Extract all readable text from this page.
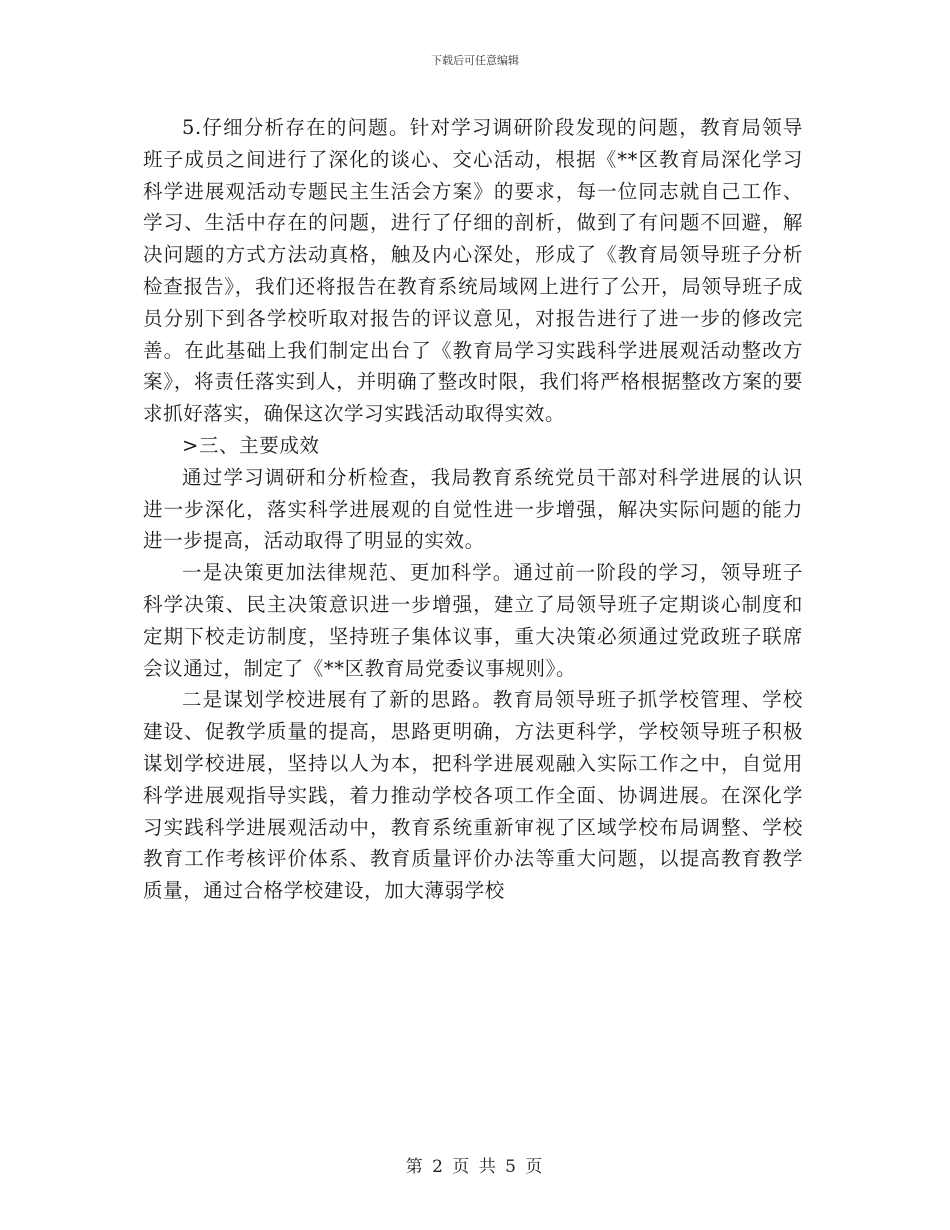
下载后可任意编辑

5.仔细分析存在的问题。针对学习调研阶段发现的问题，教育局领导班子成员之间进行了深化的谈心、交心活动，根据《**区教育局深化学习科学进展观活动专题民主生活会方案》的要求，每一位同志就自己工作、学习、生活中存在的问题，进行了仔细的剖析，做到了有问题不回避，解决问题的方式方法动真格，触及内心深处，形成了《教育局领导班子分析检查报告》，我们还将报告在教育系统局域网上进行了公开，局领导班子成员分别下到各学校听取对报告的评议意见，对报告进行了进一步的修改完善。在此基础上我们制定出台了《教育局学习实践科学进展观活动整改方案》，将责任落实到人，并明确了整改时限，我们将严格根据整改方案的要求抓好落实，确保这次学习实践活动取得实效。

>三、主要成效

通过学习调研和分析检查，我局教育系统党员干部对科学进展的认识进一步深化，落实科学进展观的自觉性进一步增强，解决实际问题的能力进一步提高，活动取得了明显的实效。

一是决策更加法律规范、更加科学。通过前一阶段的学习，领导班子科学决策、民主决策意识进一步增强，建立了局领导班子定期谈心制度和定期下校走访制度，坚持班子集体议事，重大决策必须通过党政班子联席会议通过，制定了《**区教育局党委议事规则》。

二是谋划学校进展有了新的思路。教育局领导班子抓学校管理、学校建设、促教学质量的提高，思路更明确，方法更科学，学校领导班子积极谋划学校进展，坚持以人为本，把科学进展观融入实际工作之中，自觉用科学进展观指导实践，着力推动学校各项工作全面、协调进展。在深化学习实践科学进展观活动中，教育系统重新审视了区域学校布局调整、学校教育工作考核评价体系、教育质量评价办法等重大问题，以提高教育教学质量，通过合格学校建设，加大薄弱学校

第 2 页 共 5 页
